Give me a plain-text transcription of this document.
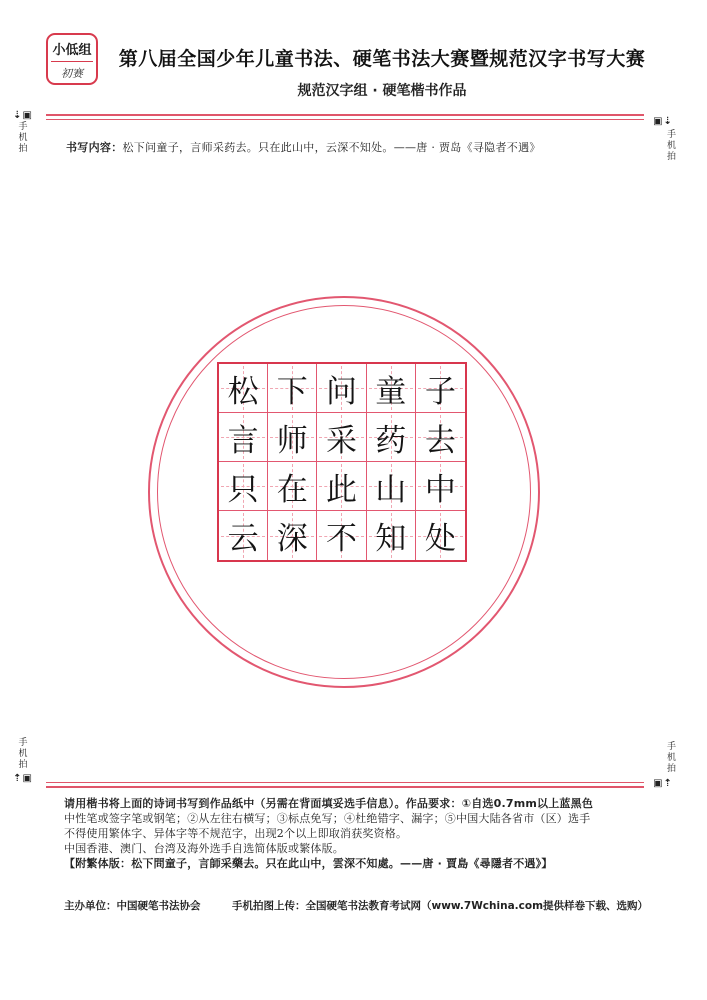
小低组
初赛
第八届全国少年儿童书法、硬笔书法大赛暨规范汉字书写大赛
规范汉字组 · 硬笔楷书作品
⇣▣
手机拍
▣⇣
手机拍
书写内容：松下问童子，言师采药去。只在此山中，云深不知处。——唐 · 贾岛《寻隐者不遇》
松 下 问 童 子
言 师 采 药 去
只 在 此 山 中
云 深 不 知 处
手机拍
⇡▣
手机拍
▣⇡

请用楷书将上面的诗词书写到作品纸中（另需在背面填妥选手信息）。作品要求：①自选0.7mm以上蓝黑色

中性笔或签字笔或钢笔；②从左往右横写；③标点免写；④杜绝错字、漏字；⑤中国大陆各省市（区）选手

不得使用繁体字、异体字等不规范字，出现2个以上即取消获奖资格。

中国香港、澳门、台湾及海外选手自选简体版或繁体版。

【附繁体版：松下問童子，言師采藥去。只在此山中，雲深不知處。——唐 · 賈島《尋隱者不遇》】

主办单位：中国硬笔书法协会	手机拍图上传：全国硬笔书法教育考试网（www.7Wchina.com提供样卷下载、选购）
